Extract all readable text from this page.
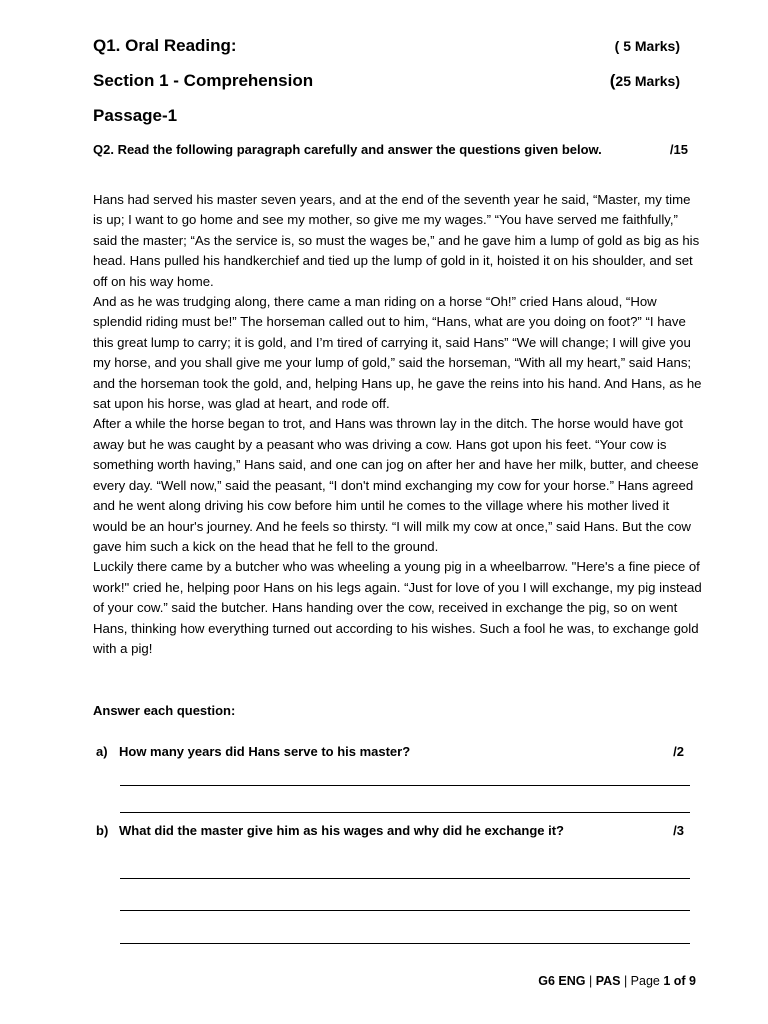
Q1. Oral Reading:	( 5 Marks)
Section 1 - Comprehension	(25 Marks)
Passage-1
Q2. Read the following paragraph carefully and answer the questions given below.	/15

Hans had served his master seven years, and at the end of the seventh year he said, “Master, my time is up; I want to go home and see my mother, so give me my wages.” “You have served me faithfully,” said the master; “As the service is, so must the wages be,” and he gave him a lump of gold as big as his head. Hans pulled his handkerchief and tied up the lump of gold in it, hoisted it on his shoulder, and set off on his way home.

And as he was trudging along, there came a man riding on a horse “Oh!” cried Hans aloud, “How splendid riding must be!” The horseman called out to him, “Hans, what are you doing on foot?” “I have this great lump to carry; it is gold, and I’m tired of carrying it, said Hans” “We will change; I will give you my horse, and you shall give me your lump of gold,” said the horseman, “With all my heart,” said Hans; and the horseman took the gold, and, helping Hans up, he gave the reins into his hand. And Hans, as he sat upon his horse, was glad at heart, and rode off.

After a while the horse began to trot, and Hans was thrown lay in the ditch. The horse would have got away but he was caught by a peasant who was driving a cow. Hans got upon his feet. “Your cow is something worth having,” Hans said, and one can jog on after her and have her milk, butter, and cheese every day. “Well now,” said the peasant, “I don't mind exchanging my cow for your horse.” Hans agreed and he went along driving his cow before him until he comes to the village where his mother lived it would be an hour's journey. And he feels so thirsty. “I will milk my cow at once,” said Hans. But the cow gave him such a kick on the head that he fell to the ground.

Luckily there came by a butcher who was wheeling a young pig in a wheelbarrow. "Here's a fine piece of work!" cried he, helping poor Hans on his legs again. “Just for love of you I will exchange, my pig instead of your cow.” said the butcher. Hans handing over the cow, received in exchange the pig, so on went Hans, thinking how everything turned out according to his wishes. Such a fool he was, to exchange gold with a pig!

Answer each question:
a) How many years did Hans serve to his master?	/2
b) What did the master give him as his wages and why did he exchange it?	/3
G6 ENG | PAS | Page 1 of 9
